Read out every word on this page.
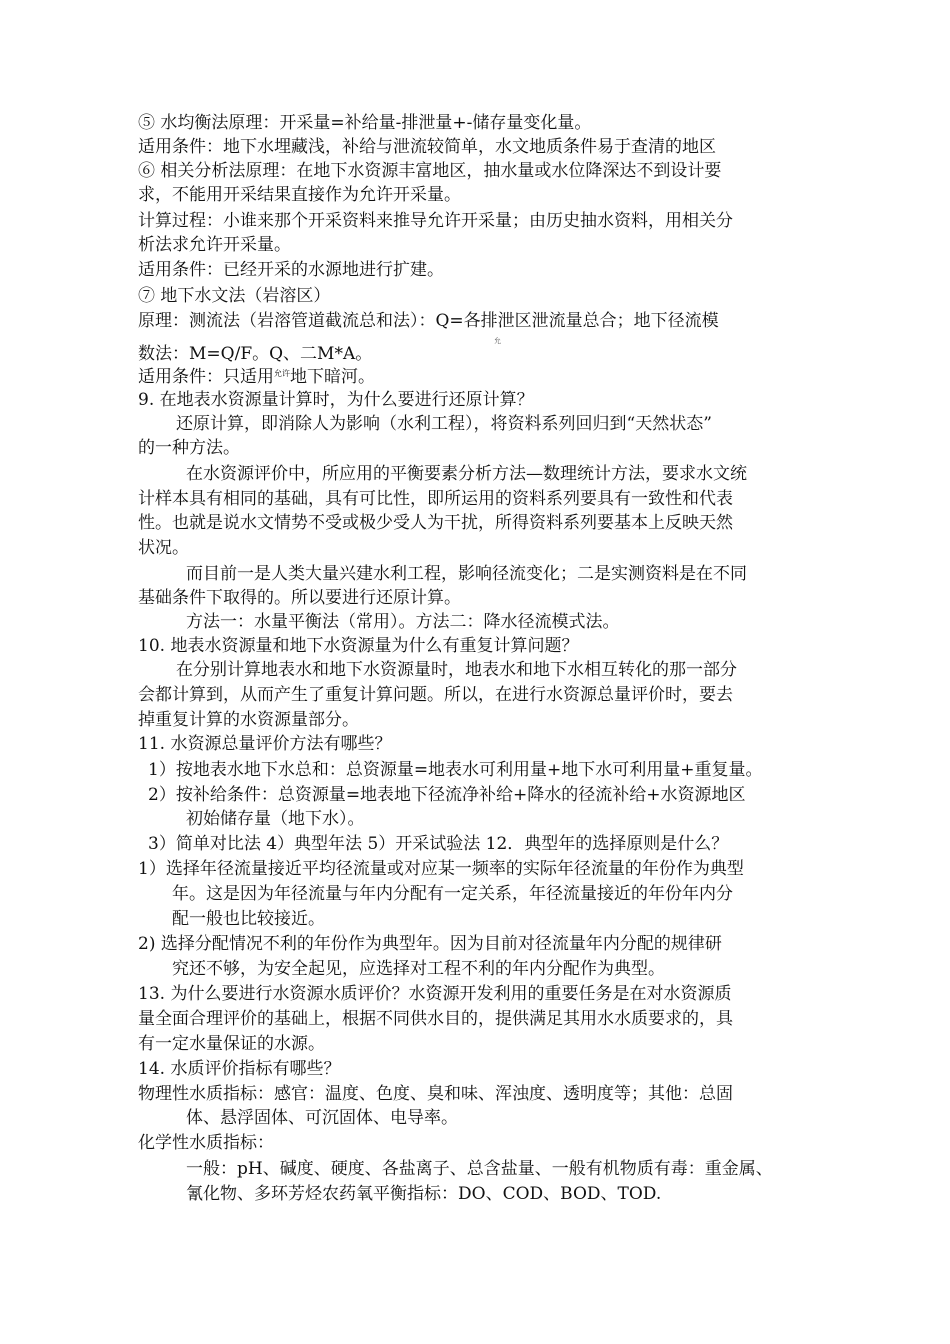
⑤ 水均衡法原理：开采量=补给量-排泄量+-储存量变化量。
适用条件：地下水埋藏浅，补给与泄流较简单，水文地质条件易于查清的地区
⑥ 相关分析法原理：在地下水资源丰富地区，抽水量或水位降深达不到设计要
求，不能用开采结果直接作为允许开采量。
计算过程：小谁来那个开采资料来推导允许开采量；由历史抽水资料，用相关分
析法求允许开采量。
适用条件：已经开采的水源地进行扩建。
⑦ 地下水文法（岩溶区）
原理：测流法（岩溶管道截流总和法）：Q=各排泄区泄流量总合；地下径流模
允
数法：M=Q/F。Q、二M*A。
适用条件：只适用$^{允许}$地下暗河。
9. 在地表水资源量计算时，为什么要进行还原计算？
还原计算，即消除人为影响（水利工程），将资料系列回归到“天然状态”
的一种方法。
在水资源评价中，所应用的平衡要素分析方法—数理统计方法，要求水文统
计样本具有相同的基础，具有可比性，即所运用的资料系列要具有一致性和代表
性。也就是说水文情势不受或极少受人为干扰，所得资料系列要基本上反映天然
状况。
而目前一是人类大量兴建水利工程，影响径流变化；二是实测资料是在不同
基础条件下取得的。所以要进行还原计算。
方法一：水量平衡法（常用）。方法二：降水径流模式法。
10. 地表水资源量和地下水资源量为什么有重复计算问题？
在分别计算地表水和地下水资源量时，地表水和地下水相互转化的那一部分
会都计算到，从而产生了重复计算问题。所以，在进行水资源总量评价时，要去
掉重复计算的水资源量部分。
11. 水资源总量评价方法有哪些？
1）按地表水地下水总和：总资源量=地表水可利用量+地下水可利用量+重复量。
2）按补给条件：总资源量=地表地下径流净补给+降水的径流补给+水资源地区
初始储存量（地下水）。
3）简单对比法 4）典型年法 5）开采试验法 12．典型年的选择原则是什么？
1）选择年径流量接近平均径流量或对应某一频率的实际年径流量的年份作为典型
年。这是因为年径流量与年内分配有一定关系，年径流量接近的年份年内分
配一般也比较接近。
2) 选择分配情况不利的年份作为典型年。因为目前对径流量年内分配的规律研
究还不够，为安全起见，应选择对工程不利的年内分配作为典型。
13. 为什么要进行水资源水质评价？水资源开发利用的重要任务是在对水资源质
量全面合理评价的基础上，根据不同供水目的，提供满足其用水水质要求的，具
有一定水量保证的水源。
14. 水质评价指标有哪些？
物理性水质指标：感官：温度、色度、臭和味、浑浊度、透明度等；其他：总固
体、悬浮固体、可沉固体、电导率。
化学性水质指标：
一般：pH、碱度、硬度、各盐离子、总含盐量、一般有机物质有毒：重金属、
氰化物、多环芳烃农药氧平衡指标：DO、COD、BOD、TOD.
